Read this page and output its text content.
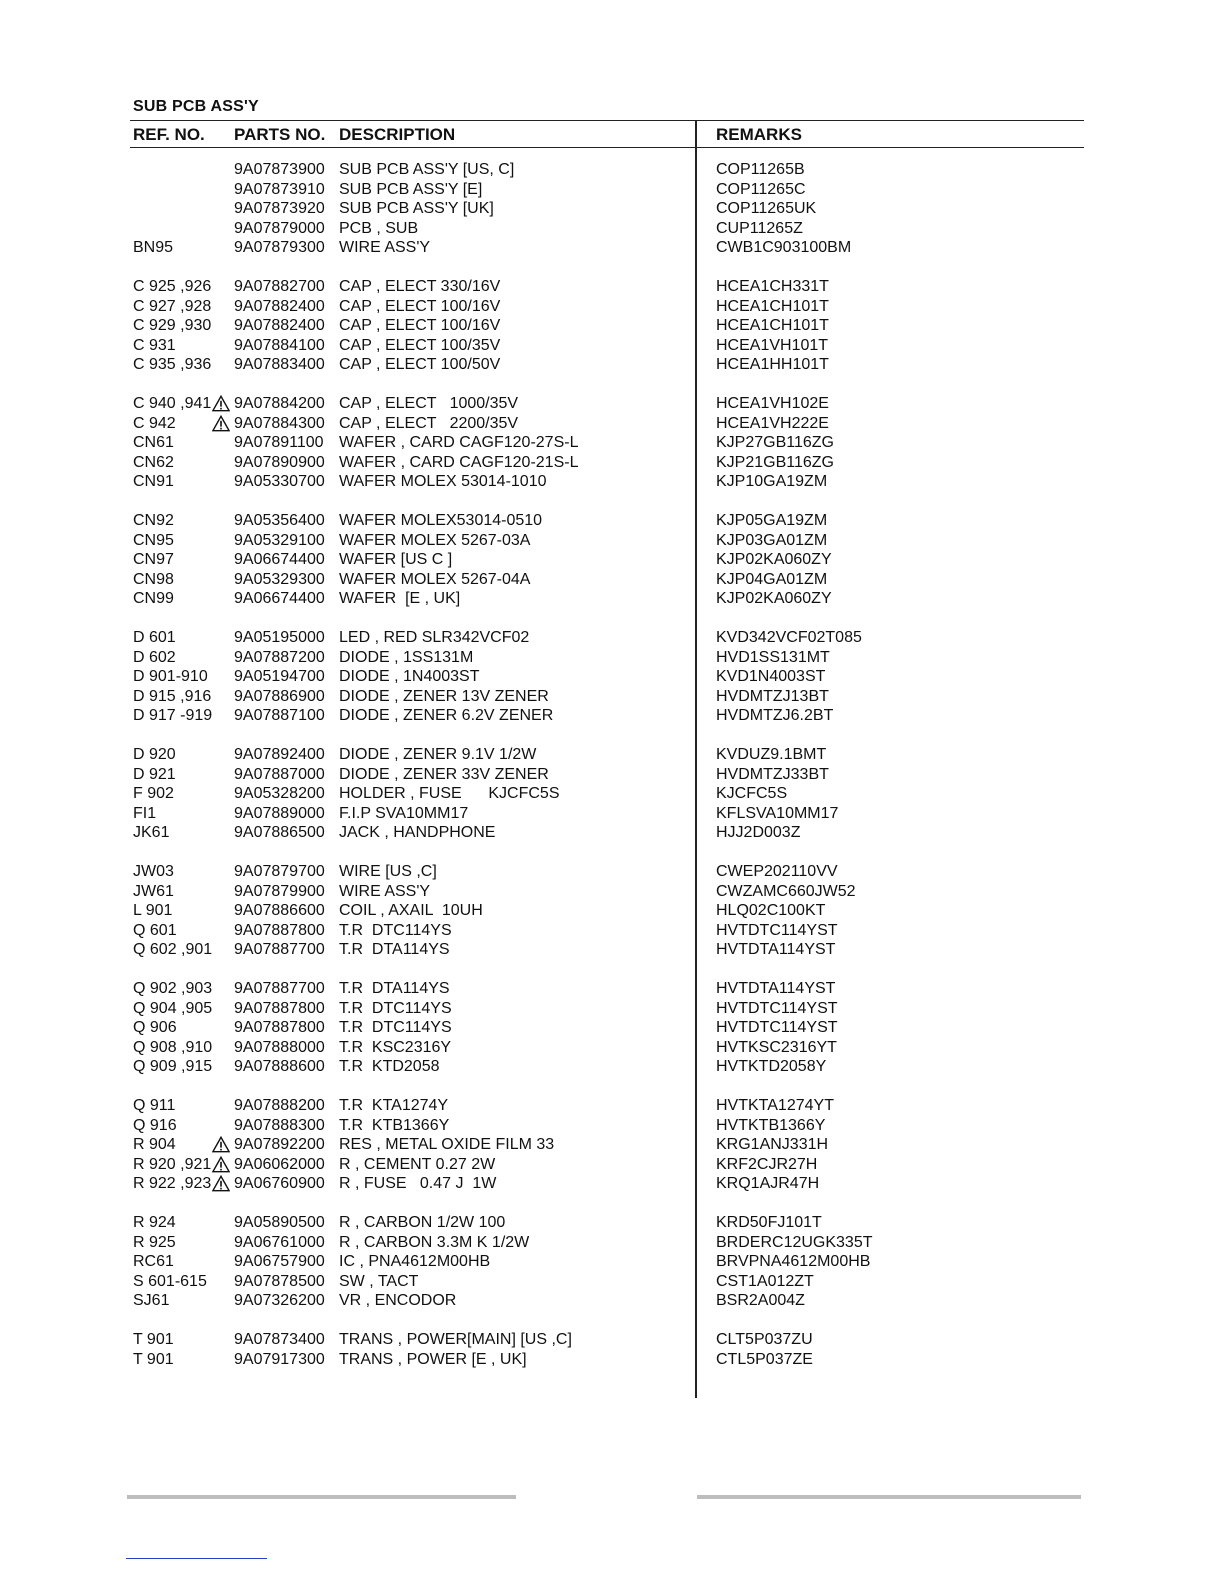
SUB PCB ASS'Y
REF. NO. PARTS NO. DESCRIPTION	REMARKS
9A07873900 SUB PCB ASS'Y [US, C]	COP11265B
9A07873910 SUB PCB ASS'Y [E]	COP11265C
9A07873920 SUB PCB ASS'Y [UK]	COP11265UK
9A07879000 PCB , SUB	CUP11265Z
BN95	9A07879300 WIRE ASS'Y	CWB1C903100BM
C 925 ,926 9A07882700 CAP , ELECT 330/16V	HCEA1CH331T
C 927 ,928 9A07882400 CAP , ELECT 100/16V	HCEA1CH101T
C 929 ,930 9A07882400 CAP , ELECT 100/16V	HCEA1CH101T
C 931	9A07884100 CAP , ELECT 100/35V	HCEA1VH101T
C 935 ,936 9A07883400 CAP , ELECT 100/50V	HCEA1HH101T
C 940 ,941 9A07884200 CAP , ELECT   1000/35V	HCEA1VH102E
C 942	9A07884300 CAP , ELECT   2200/35V	HCEA1VH222E
CN61	9A07891100 WAFER , CARD CAGF120-27S-L	KJP27GB116ZG
CN62	9A07890900 WAFER , CARD CAGF120-21S-L	KJP21GB116ZG
CN91	9A05330700 WAFER MOLEX 53014-1010	KJP10GA19ZM
CN92	9A05356400 WAFER MOLEX53014-0510	KJP05GA19ZM
CN95	9A05329100 WAFER MOLEX 5267-03A	KJP03GA01ZM
CN97	9A06674400 WAFER [US C ]	KJP02KA060ZY
CN98	9A05329300 WAFER MOLEX 5267-04A	KJP04GA01ZM
CN99	9A06674400 WAFER  [E , UK]	KJP02KA060ZY
D 601	9A05195000 LED , RED SLR342VCF02	KVD342VCF02T085
D 602	9A07887200 DIODE , 1SS131M	HVD1SS131MT
D 901-910 9A05194700 DIODE , 1N4003ST	KVD1N4003ST
D 915 ,916 9A07886900 DIODE , ZENER 13V ZENER	HVDMTZJ13BT
D 917 -919 9A07887100 DIODE , ZENER 6.2V ZENER	HVDMTZJ6.2BT
D 920	9A07892400 DIODE , ZENER 9.1V 1/2W	KVDUZ9.1BMT
D 921	9A07887000 DIODE , ZENER 33V ZENER	HVDMTZJ33BT
F 902	9A05328200 HOLDER , FUSE      KJCFC5S	KJCFC5S
FI1	9A07889000 F.I.P SVA10MM17	KFLSVA10MM17
JK61	9A07886500 JACK , HANDPHONE	HJJ2D003Z
JW03	9A07879700 WIRE [US ,C]	CWEP202110VV
JW61	9A07879900 WIRE ASS'Y	CWZAMC660JW52
L 901	9A07886600 COIL , AXAIL  10UH	HLQ02C100KT
Q 601	9A07887800 T.R  DTC114YS	HVTDTC114YST
Q 602 ,901 9A07887700 T.R  DTA114YS	HVTDTA114YST
Q 902 ,903 9A07887700 T.R  DTA114YS	HVTDTA114YST
Q 904 ,905 9A07887800 T.R  DTC114YS	HVTDTC114YST
Q 906	9A07887800 T.R  DTC114YS	HVTDTC114YST
Q 908 ,910 9A07888000 T.R  KSC2316Y	HVTKSC2316YT
Q 909 ,915 9A07888600 T.R  KTD2058	HVTKTD2058Y
Q 911	9A07888200 T.R  KTA1274Y	HVTKTA1274YT
Q 916	9A07888300 T.R  KTB1366Y	HVTKTB1366Y
R 904	9A07892200 RES , METAL OXIDE FILM 33	KRG1ANJ331H
R 920 ,921 9A06062000 R , CEMENT 0.27 2W	KRF2CJR27H
R 922 ,923 9A06760900 R , FUSE   0.47 J  1W	KRQ1AJR47H
R 924	9A05890500 R , CARBON 1/2W 100	KRD50FJ101T
R 925	9A06761000 R , CARBON 3.3M K 1/2W	BRDERC12UGK335T
RC61	9A06757900 IC , PNA4612M00HB	BRVPNA4612M00HB
S 601-615 9A07878500 SW , TACT	CST1A012ZT
SJ61	9A07326200 VR , ENCODOR	BSR2A004Z
T 901	9A07873400 TRANS , POWER[MAIN] [US ,C]	CLT5P037ZU
T 901	9A07917300 TRANS , POWER [E , UK]	CTL5P037ZE
